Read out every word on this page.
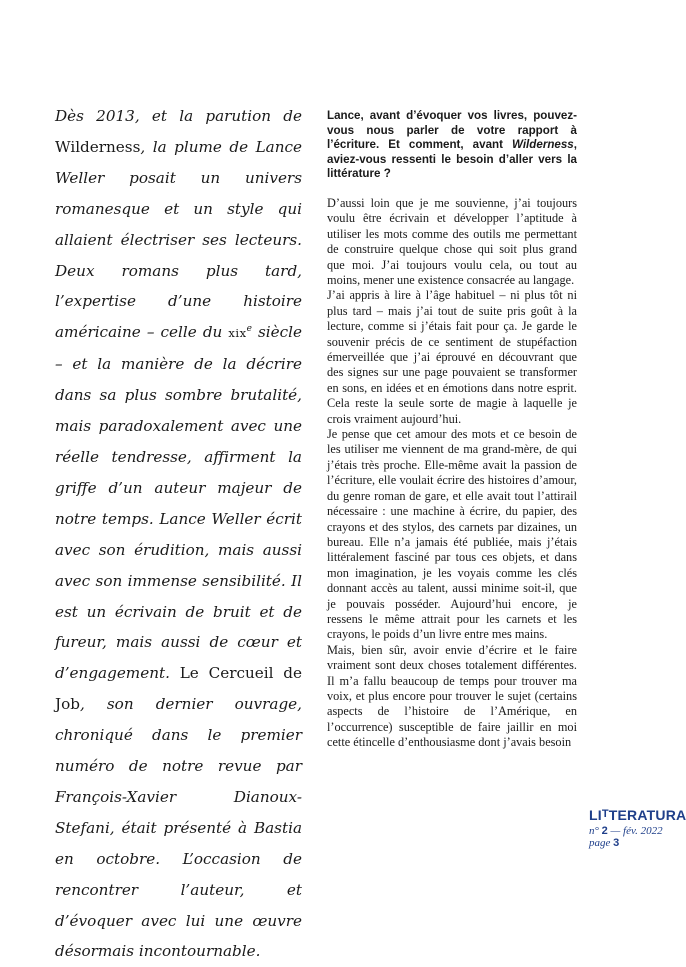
Dès 2013, et la parution de Wilderness, la plume de Lance Weller posait un univers romanesque et un style qui allaient électriser ses lecteurs. Deux romans plus tard, l’expertise d’une histoire américaine – celle du xix$^e$ siècle – et la manière de la décrire dans sa plus sombre brutalité, mais paradoxalement avec une réelle tendresse, affirment la griffe d’un auteur majeur de notre temps. Lance Weller écrit avec son érudition, mais aussi avec son immense sensibilité. Il est un écrivain de bruit et de fureur, mais aussi de cœur et d’engagement. Le Cercueil de Job, son dernier ouvrage, chroniqué dans le premier numéro de notre revue par François-Xavier Dianoux-Stefani, était présenté à Bastia en octobre. L’occasion de rencontrer l’auteur, et d’évoquer avec lui une œuvre désormais incontournable.

Lance, avant d’évoquer vos livres, pouvez-vous nous parler de votre rapport à l’écriture. Et comment, avant Wilderness, aviez-vous ressenti le besoin d’aller vers la littérature ?

D’aussi loin que je me souvienne, j’ai toujours voulu être écrivain et développer l’aptitude à utiliser les mots comme des outils me permettant de construire quelque chose qui soit plus grand que moi. J’ai toujours voulu cela, ou tout au moins, mener une existence consacrée au langage.

J’ai appris à lire à l’âge habituel – ni plus tôt ni plus tard – mais j’ai tout de suite pris goût à la lecture, comme si j’étais fait pour ça. Je garde le souvenir précis de ce sentiment de stupéfaction émerveillée que j’ai éprouvé en découvrant que des signes sur une page pouvaient se transformer en sons, en idées et en émotions dans notre esprit. Cela reste la seule sorte de magie à laquelle je crois vraiment aujourd’hui.

Je pense que cet amour des mots et ce besoin de les utiliser me viennent de ma grand-mère, de qui j’étais très proche. Elle-même avait la passion de l’écriture, elle voulait écrire des histoires d’amour, du genre roman de gare, et elle avait tout l’attirail nécessaire : une machine à écrire, du papier, des crayons et des stylos, des carnets par dizaines, un bureau. Elle n’a jamais été publiée, mais j’étais littéralement fasciné par tous ces objets, et dans mon imagination, je les voyais comme les clés donnant accès au talent, aussi minime soit-il, que je pouvais posséder. Aujourd’hui encore, je ressens le même attrait pour les carnets et les crayons, le poids d’un livre entre mes mains.

Mais, bien sûr, avoir envie d’écrire et le faire vraiment sont deux choses totalement différentes. Il m’a fallu beaucoup de temps pour trouver ma voix, et plus encore pour trouver le sujet (certains aspects de l’histoire de l’Amérique, en l’occurrence) susceptible de faire jaillir en moi cette étincelle d’enthousiasme dont j’avais besoin

$LI^TTERATURA$
n° 2 — fév. 2022
page 3
